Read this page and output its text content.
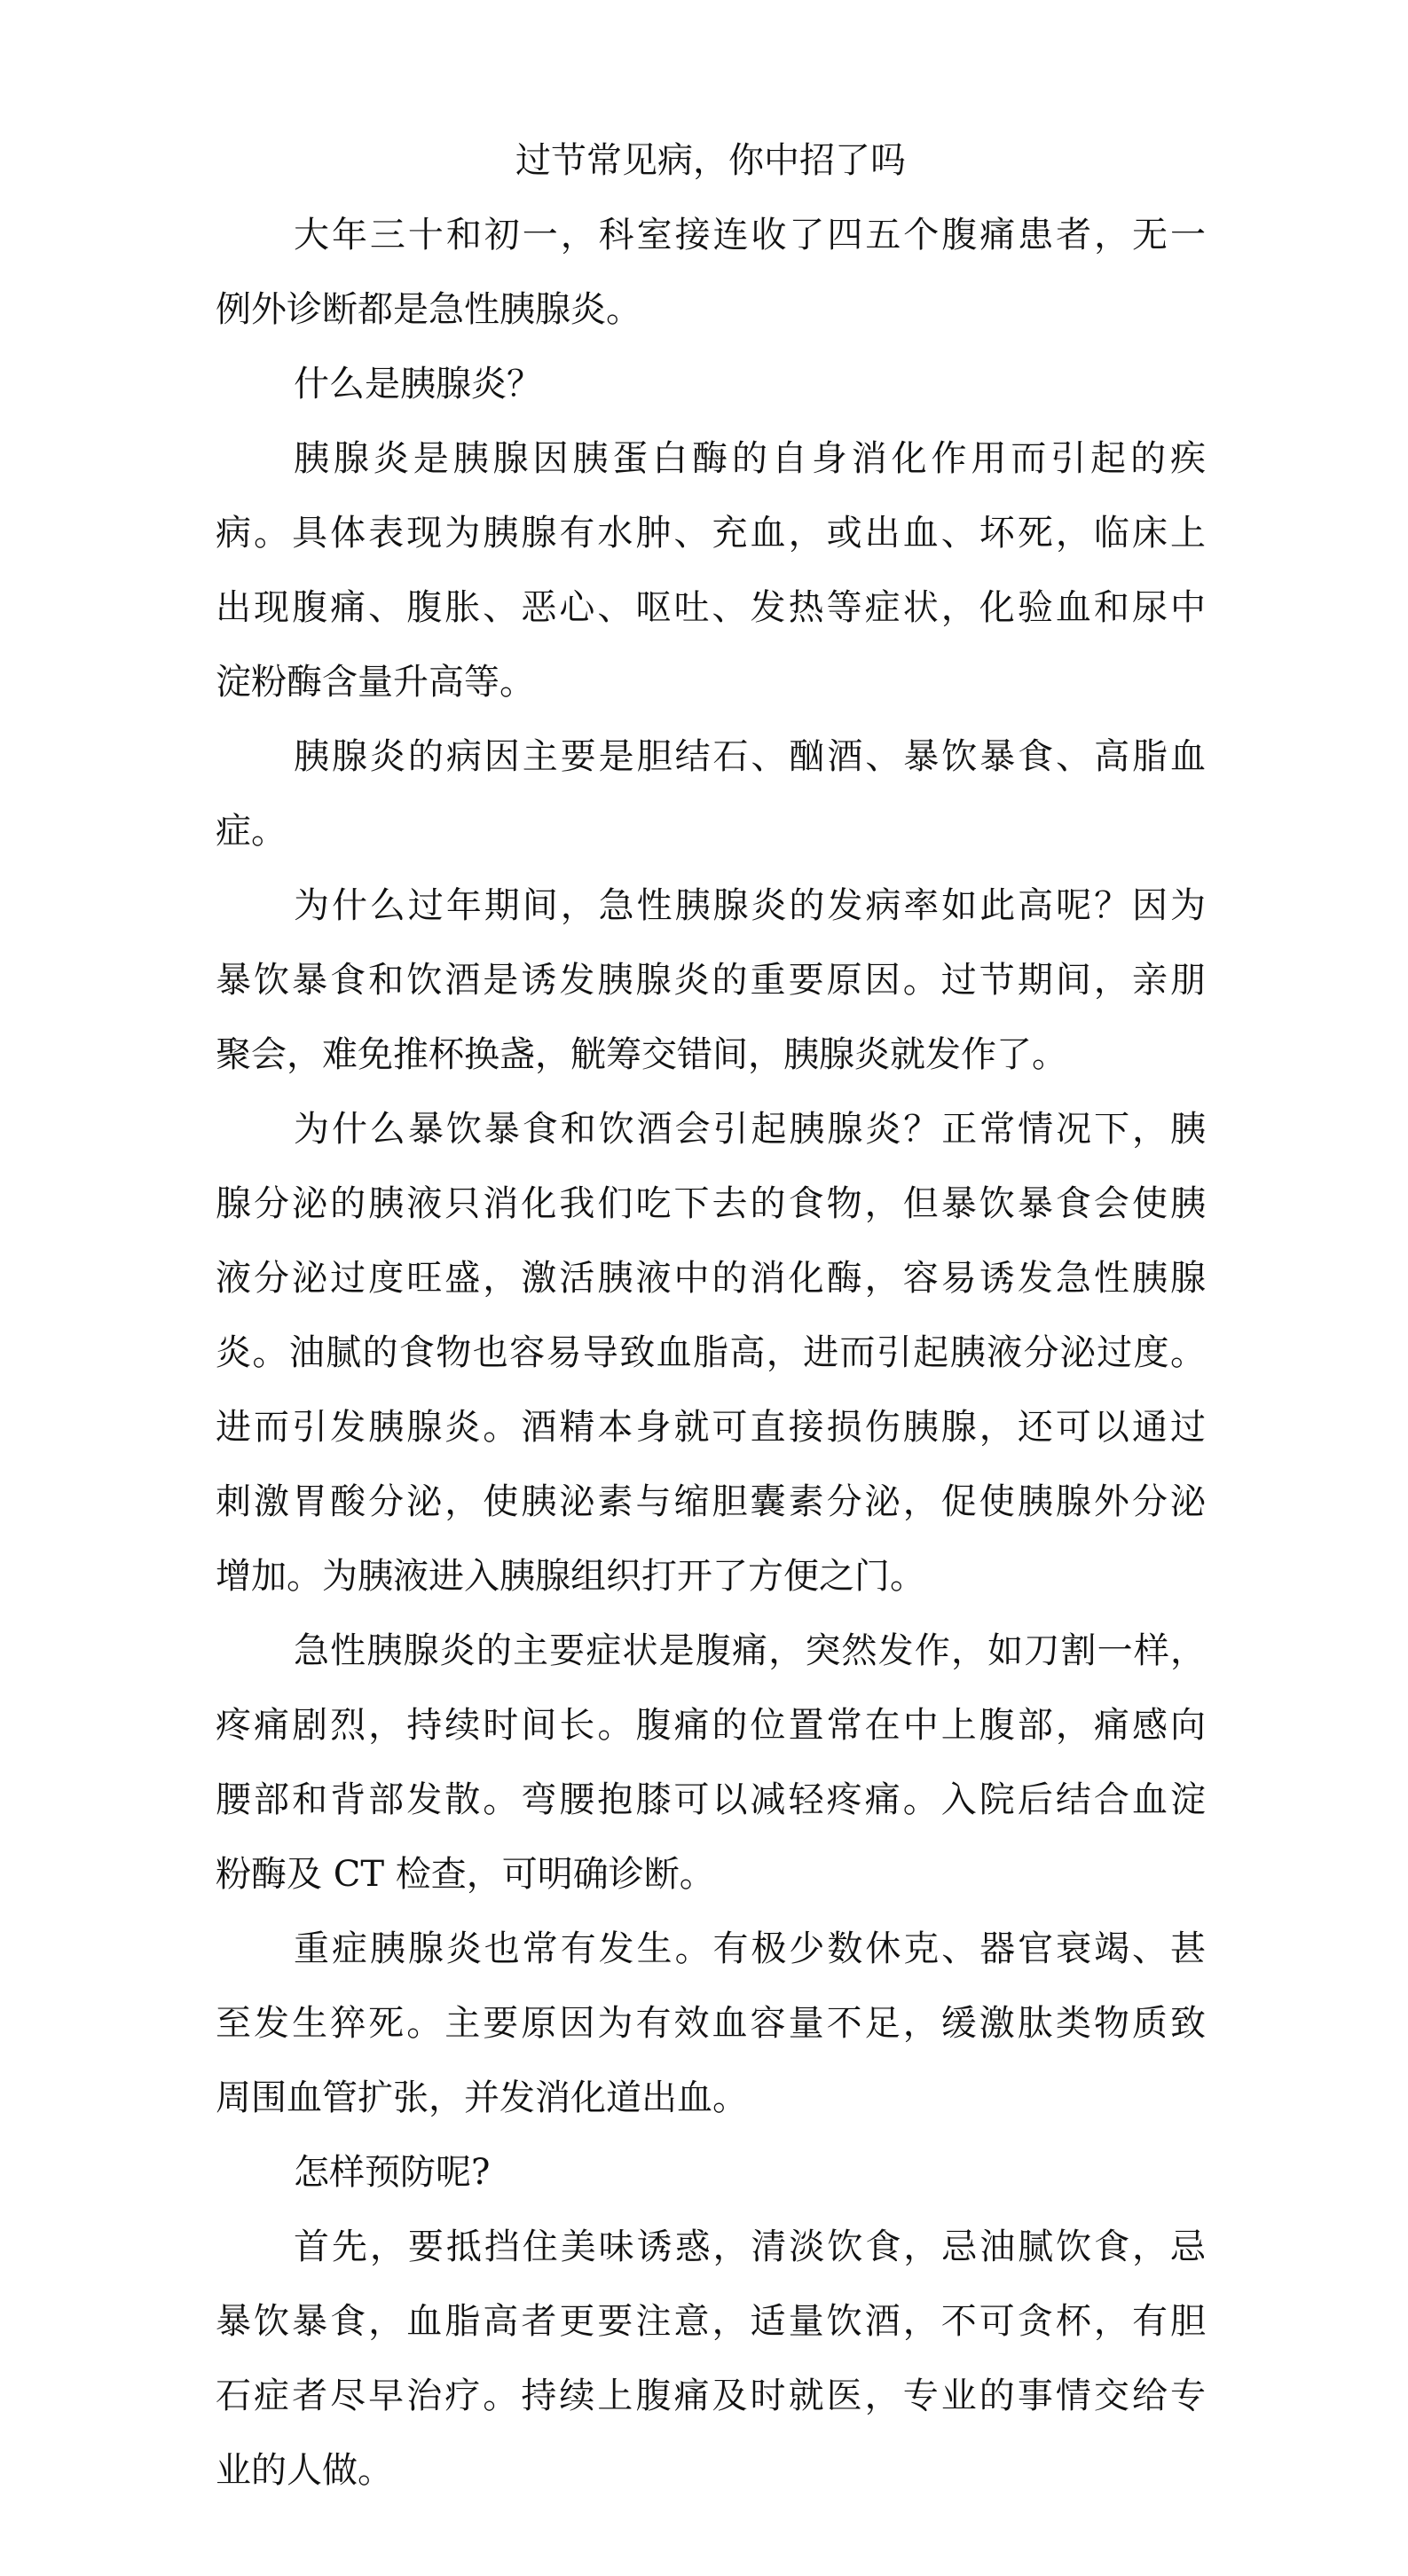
过节常见病，你中招了吗
大年三十和初一，科室接连收了四五个腹痛患者，无一
例外诊断都是急性胰腺炎。
什么是胰腺炎？
胰腺炎是胰腺因胰蛋白酶的自身消化作用而引起的疾
病。具体表现为胰腺有水肿、充血，或出血、坏死，临床上
出现腹痛、腹胀、恶心、呕吐、发热等症状，化验血和尿中
淀粉酶含量升高等。
胰腺炎的病因主要是胆结石、酗酒、暴饮暴食、高脂血
症。
为什么过年期间，急性胰腺炎的发病率如此高呢？因为
暴饮暴食和饮酒是诱发胰腺炎的重要原因。过节期间，亲朋
聚会，难免推杯换盏，觥筹交错间，胰腺炎就发作了。
为什么暴饮暴食和饮酒会引起胰腺炎？正常情况下，胰
腺分泌的胰液只消化我们吃下去的食物，但暴饮暴食会使胰
液分泌过度旺盛，激活胰液中的消化酶，容易诱发急性胰腺
炎。油腻的食物也容易导致血脂高，进而引起胰液分泌过度。
进而引发胰腺炎。酒精本身就可直接损伤胰腺，还可以通过
刺激胃酸分泌，使胰泌素与缩胆囊素分泌，促使胰腺外分泌
增加。为胰液进入胰腺组织打开了方便之门。
急性胰腺炎的主要症状是腹痛，突然发作，如刀割一样，
疼痛剧烈，持续时间长。腹痛的位置常在中上腹部，痛感向
腰部和背部发散。弯腰抱膝可以减轻疼痛。入院后结合血淀
粉酶及 CT 检查，可明确诊断。
重症胰腺炎也常有发生。有极少数休克、器官衰竭、甚
至发生猝死。主要原因为有效血容量不足，缓激肽类物质致
周围血管扩张，并发消化道出血。
怎样预防呢?
首先，要抵挡住美味诱惑，清淡饮食，忌油腻饮食，忌
暴饮暴食，血脂高者更要注意，适量饮酒，不可贪杯，有胆
石症者尽早治疗。持续上腹痛及时就医，专业的事情交给专
业的人做。
